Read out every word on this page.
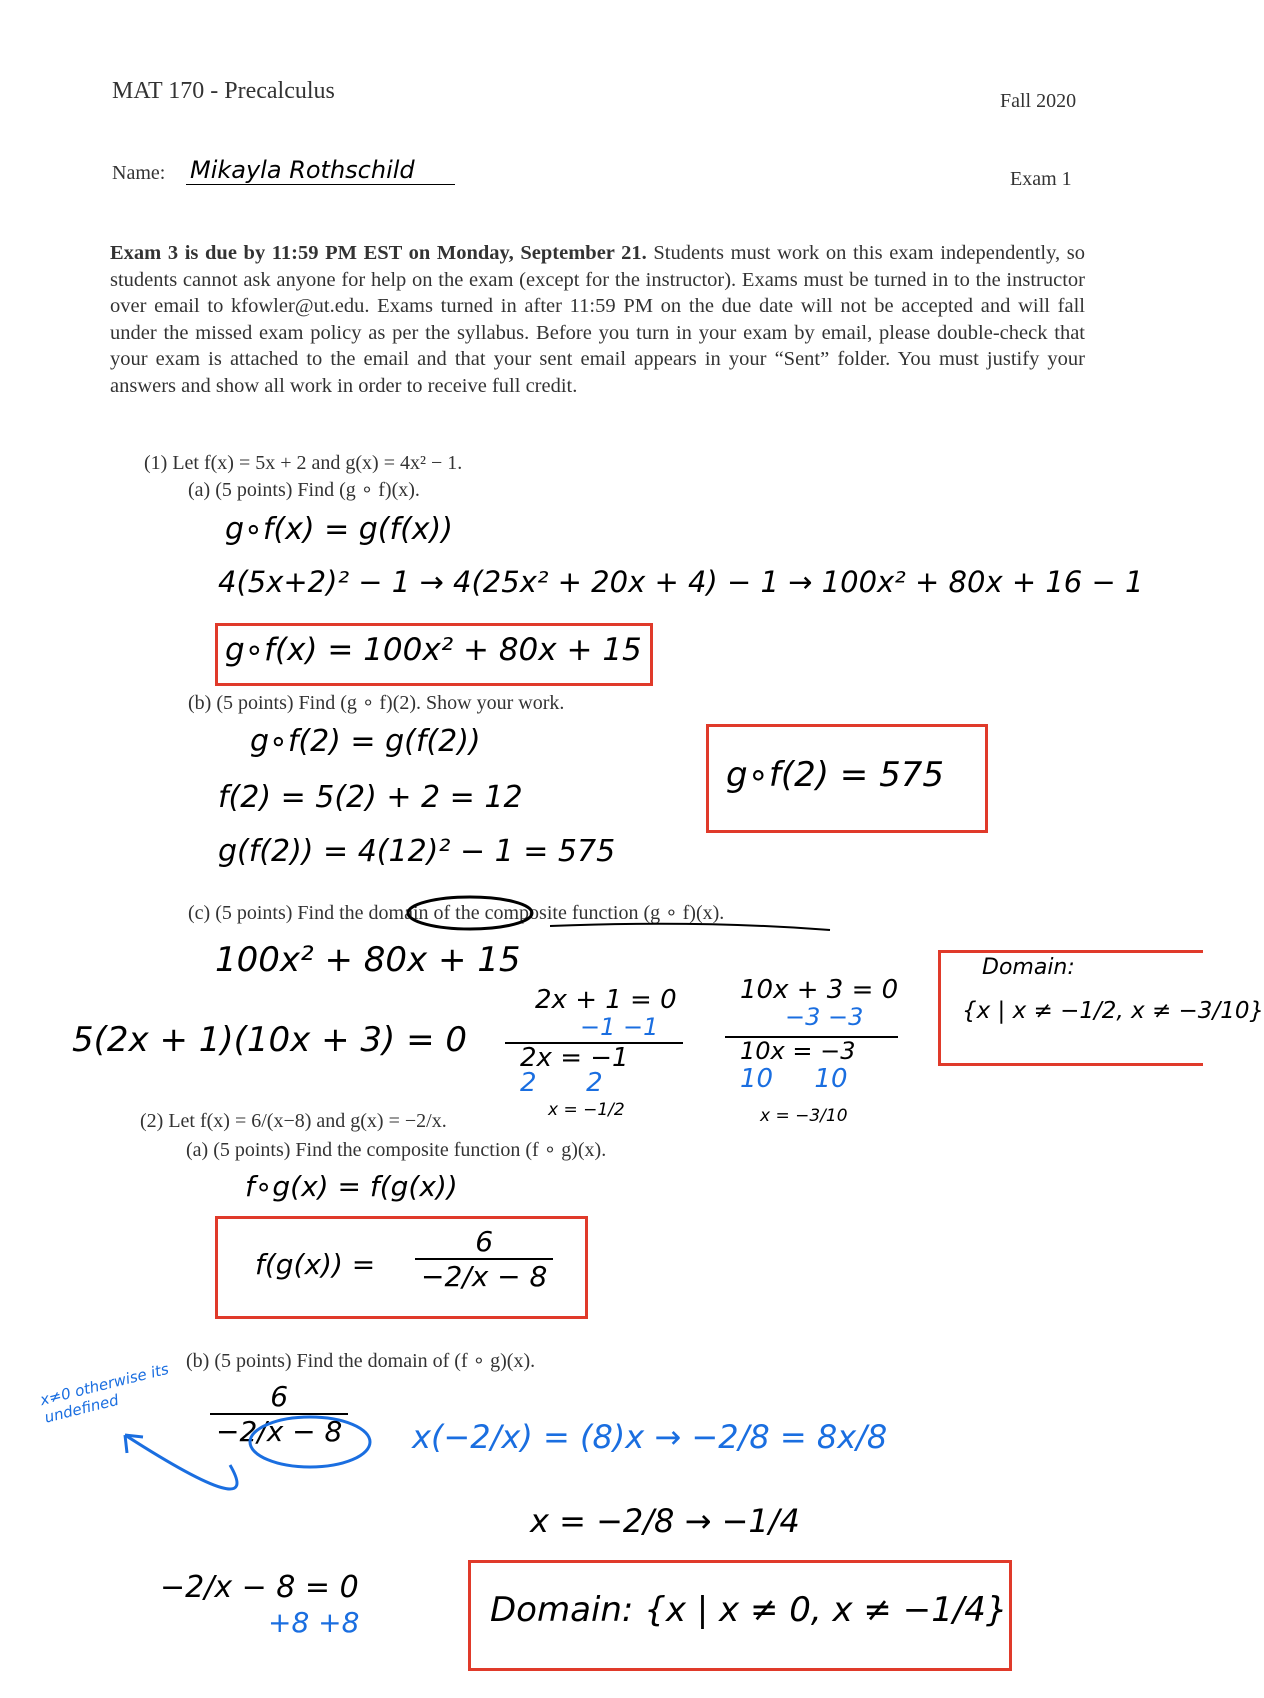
MAT 170 - Precalculus	Fall 2020
Name: Mikayla Rothschild	Exam 1
Exam 3 is due by 11:59 PM EST on Monday, September 21. Students must work on this exam independently, so students cannot ask anyone for help on the exam (except for the instructor). Exams must be turned in to the instructor over email to kfowler@ut.edu. Exams turned in after 11:59 PM on the due date will not be accepted and will fall under the missed exam policy as per the syllabus. Before you turn in your exam by email, please double-check that your exam is attached to the email and that your sent email appears in your “Sent” folder. You must justify your answers and show all work in order to receive full credit.
(1) Let f(x) = 5x + 2 and g(x) = 4x² − 1.
(a) (5 points) Find (g ∘ f)(x).
g∘f(x) = g(f(x))
4(5x+2)² − 1 → 4(25x² + 20x + 4) − 1 → 100x² + 80x + 16 − 1
g∘f(x) = 100x² + 80x + 15
(b) (5 points) Find (g ∘ f)(2). Show your work.
g∘f(2) = g(f(2))
f(2) = 5(2) + 2 = 12
g(f(2)) = 4(12)² − 1 = 575
g∘f(2) = 575
(c) (5 points) Find the domain of the composite function (g ∘ f)(x).
100x² + 80x + 15
5(2x + 1)(10x + 3) = 0
2x + 1 = 0
−1 −1
2x = −1
2      2
x = −1/2
10x + 3 = 0
−3 −3
10x = −3
10     10
x = −3/10
Domain:
{x | x ≠ −1/2, x ≠ −3/10}
(2) Let f(x) = 6/(x−8) and g(x) = −2/x.
(a) (5 points) Find the composite function (f ∘ g)(x).
f∘g(x) = f(g(x))
$f(g(x)) = \frac{6}{-2/x - 8}$
(b) (5 points) Find the domain of (f ∘ g)(x).
x≠0 otherwise its undefined	$\frac{6}{-2/x - 8} x(-2/x) = (8)x \to -2/8 = 8x/8$
x = −2/8 → −1/4
−2/x − 8 = 0
+8 +8	Domain: {x | x ≠ 0, x ≠ −1/4}
